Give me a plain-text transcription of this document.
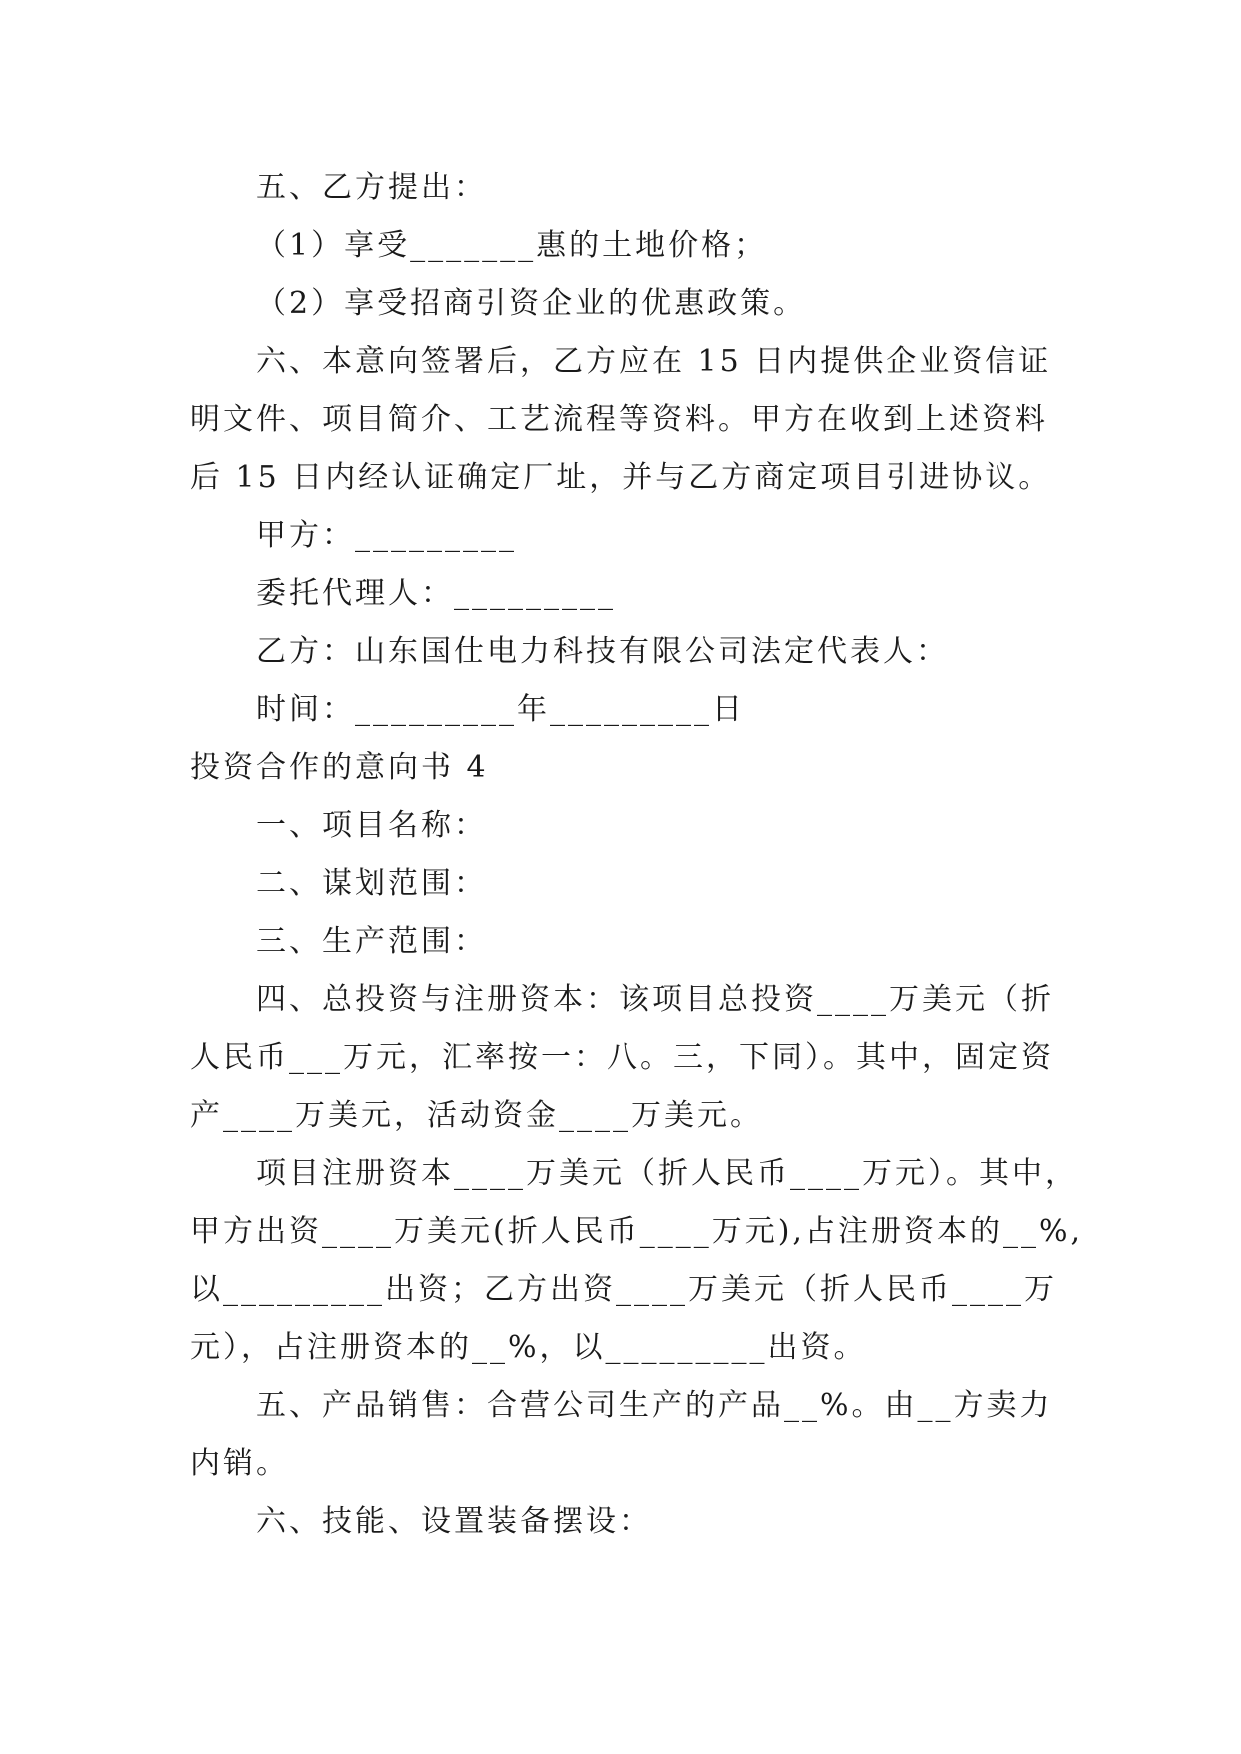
五、乙方提出：
（1）享受_______惠的土地价格；
（2）享受招商引资企业的优惠政策。
六、本意向签署后，乙方应在 15 日内提供企业资信证
明文件、项目简介、工艺流程等资料。甲方在收到上述资料
后 15 日内经认证确定厂址，并与乙方商定项目引进协议。
甲方：_________
委托代理人：_________
乙方：山东国仕电力科技有限公司法定代表人：
时间：_________年_________日
投资合作的意向书 4
一、项目名称：
二、谋划范围：
三、生产范围：
四、总投资与注册资本：该项目总投资____万美元（折
人民币___万元，汇率按一：八。三，下同）。其中，固定资
产____万美元，活动资金____万美元。
项目注册资本____万美元（折人民币____万元）。其中，
甲方出资____万美元(折人民币____万元),占注册资本的__%,
以_________出资；乙方出资____万美元（折人民币____万
元），占注册资本的__%，以_________出资。
五、产品销售：合营公司生产的产品__%。由__方卖力
内销。
六、技能、设置装备摆设：
